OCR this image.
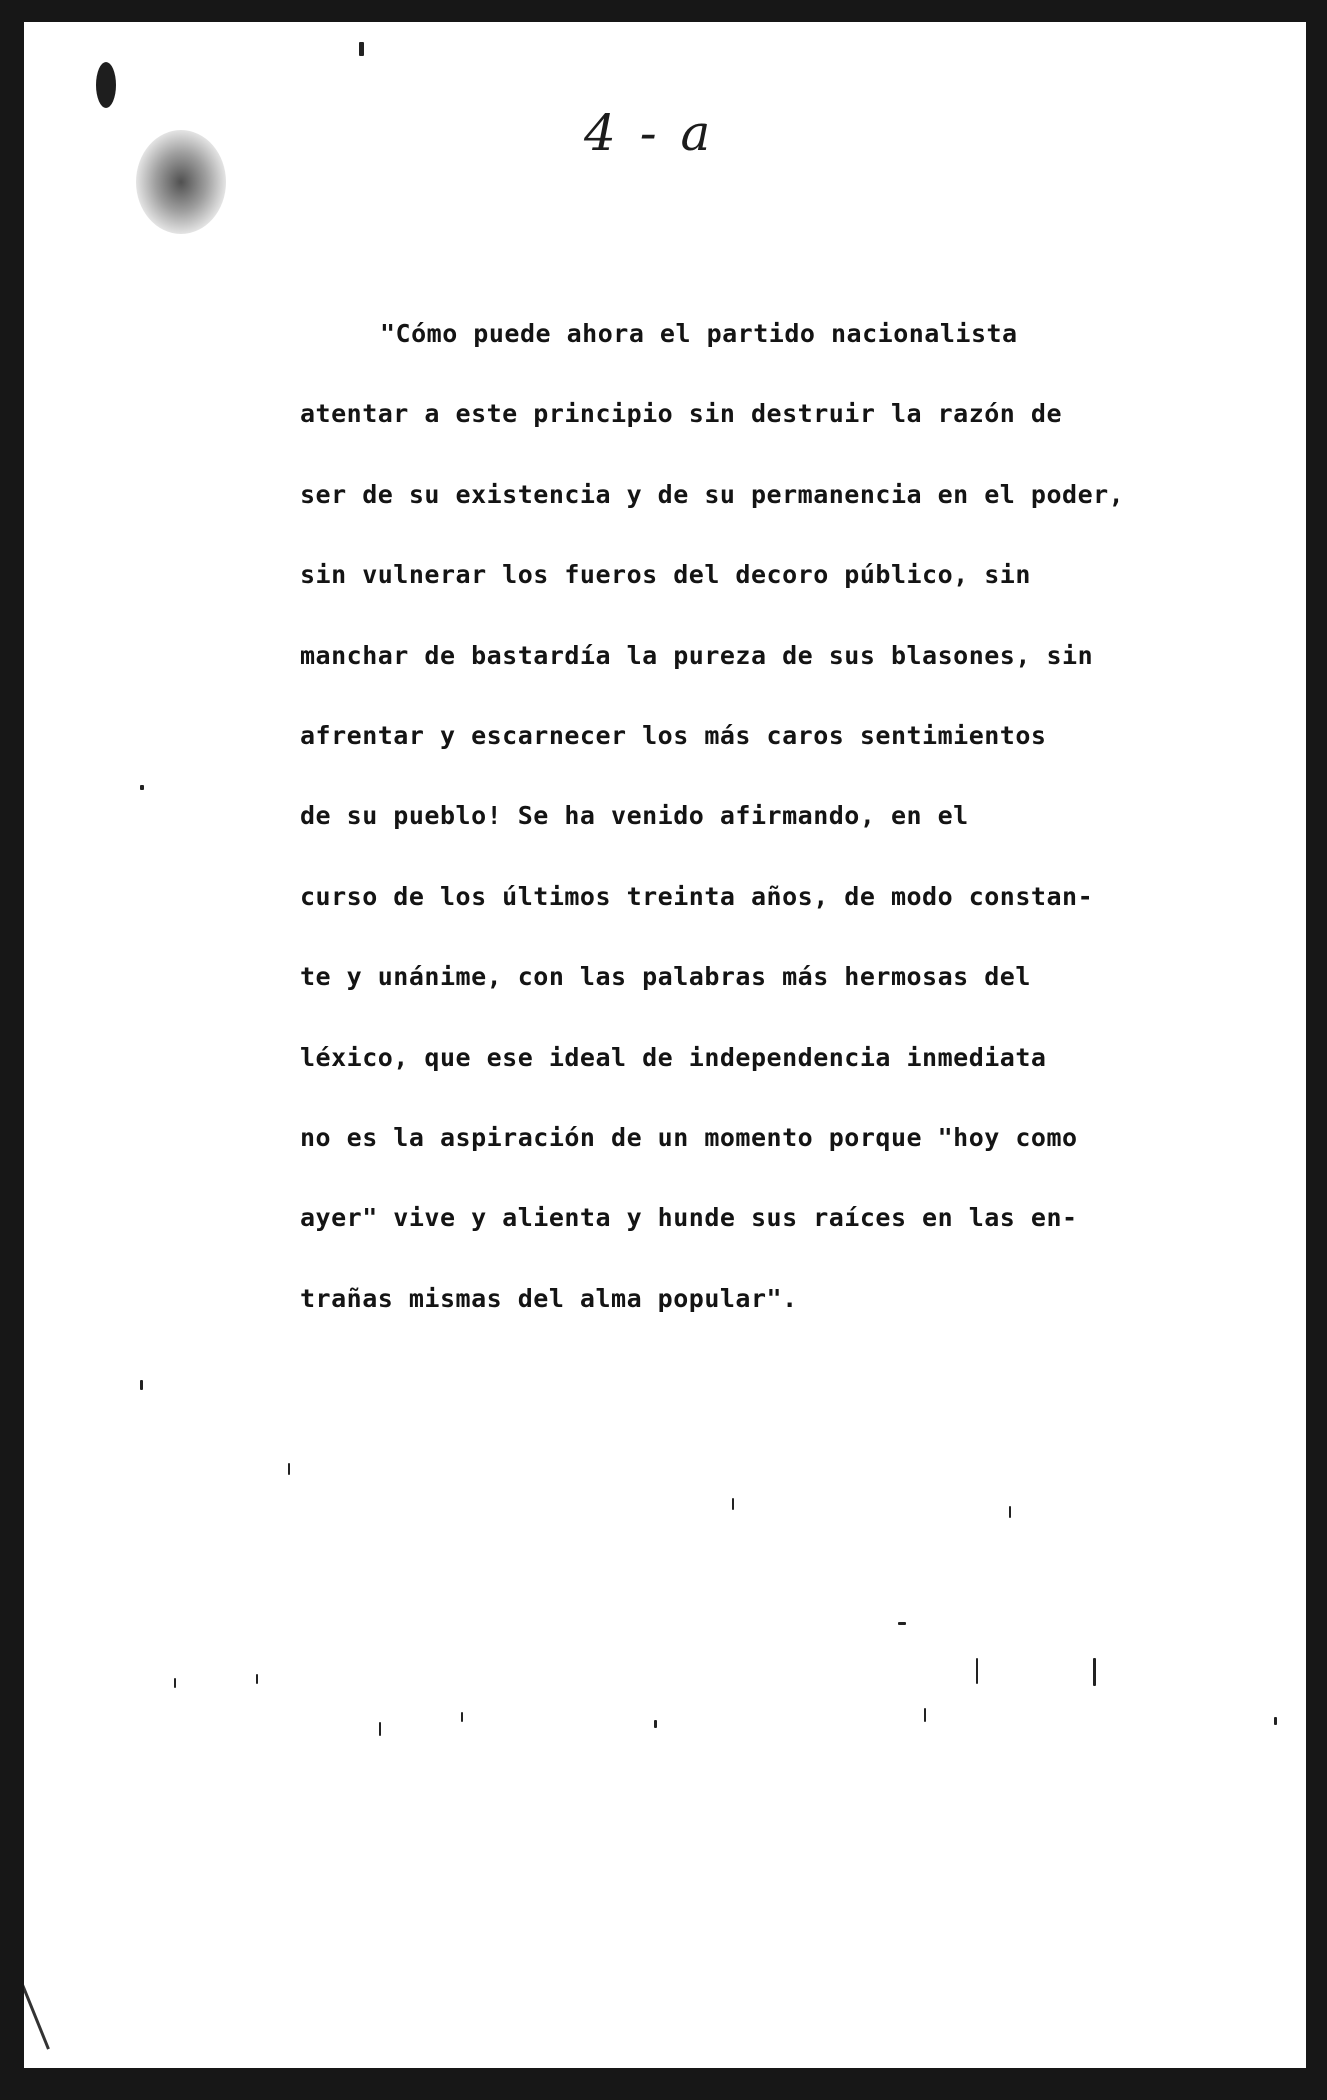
4 - a
"Cómo puede ahora el partido nacionalista
atentar a este principio sin destruir la razón de
ser de su existencia y de su permanencia en el poder,
sin vulnerar los fueros del decoro público, sin
manchar de bastardía la pureza de sus blasones, sin
afrentar y escarnecer los más caros sentimientos
de su pueblo! Se ha venido afirmando, en el
curso de los últimos treinta años, de modo constan-
te y unánime, con las palabras más hermosas del
léxico, que ese ideal de independencia inmediata
no es la aspiración de un momento porque "hoy como
ayer" vive y alienta y hunde sus raíces en las en-
trañas mismas del alma popular".
